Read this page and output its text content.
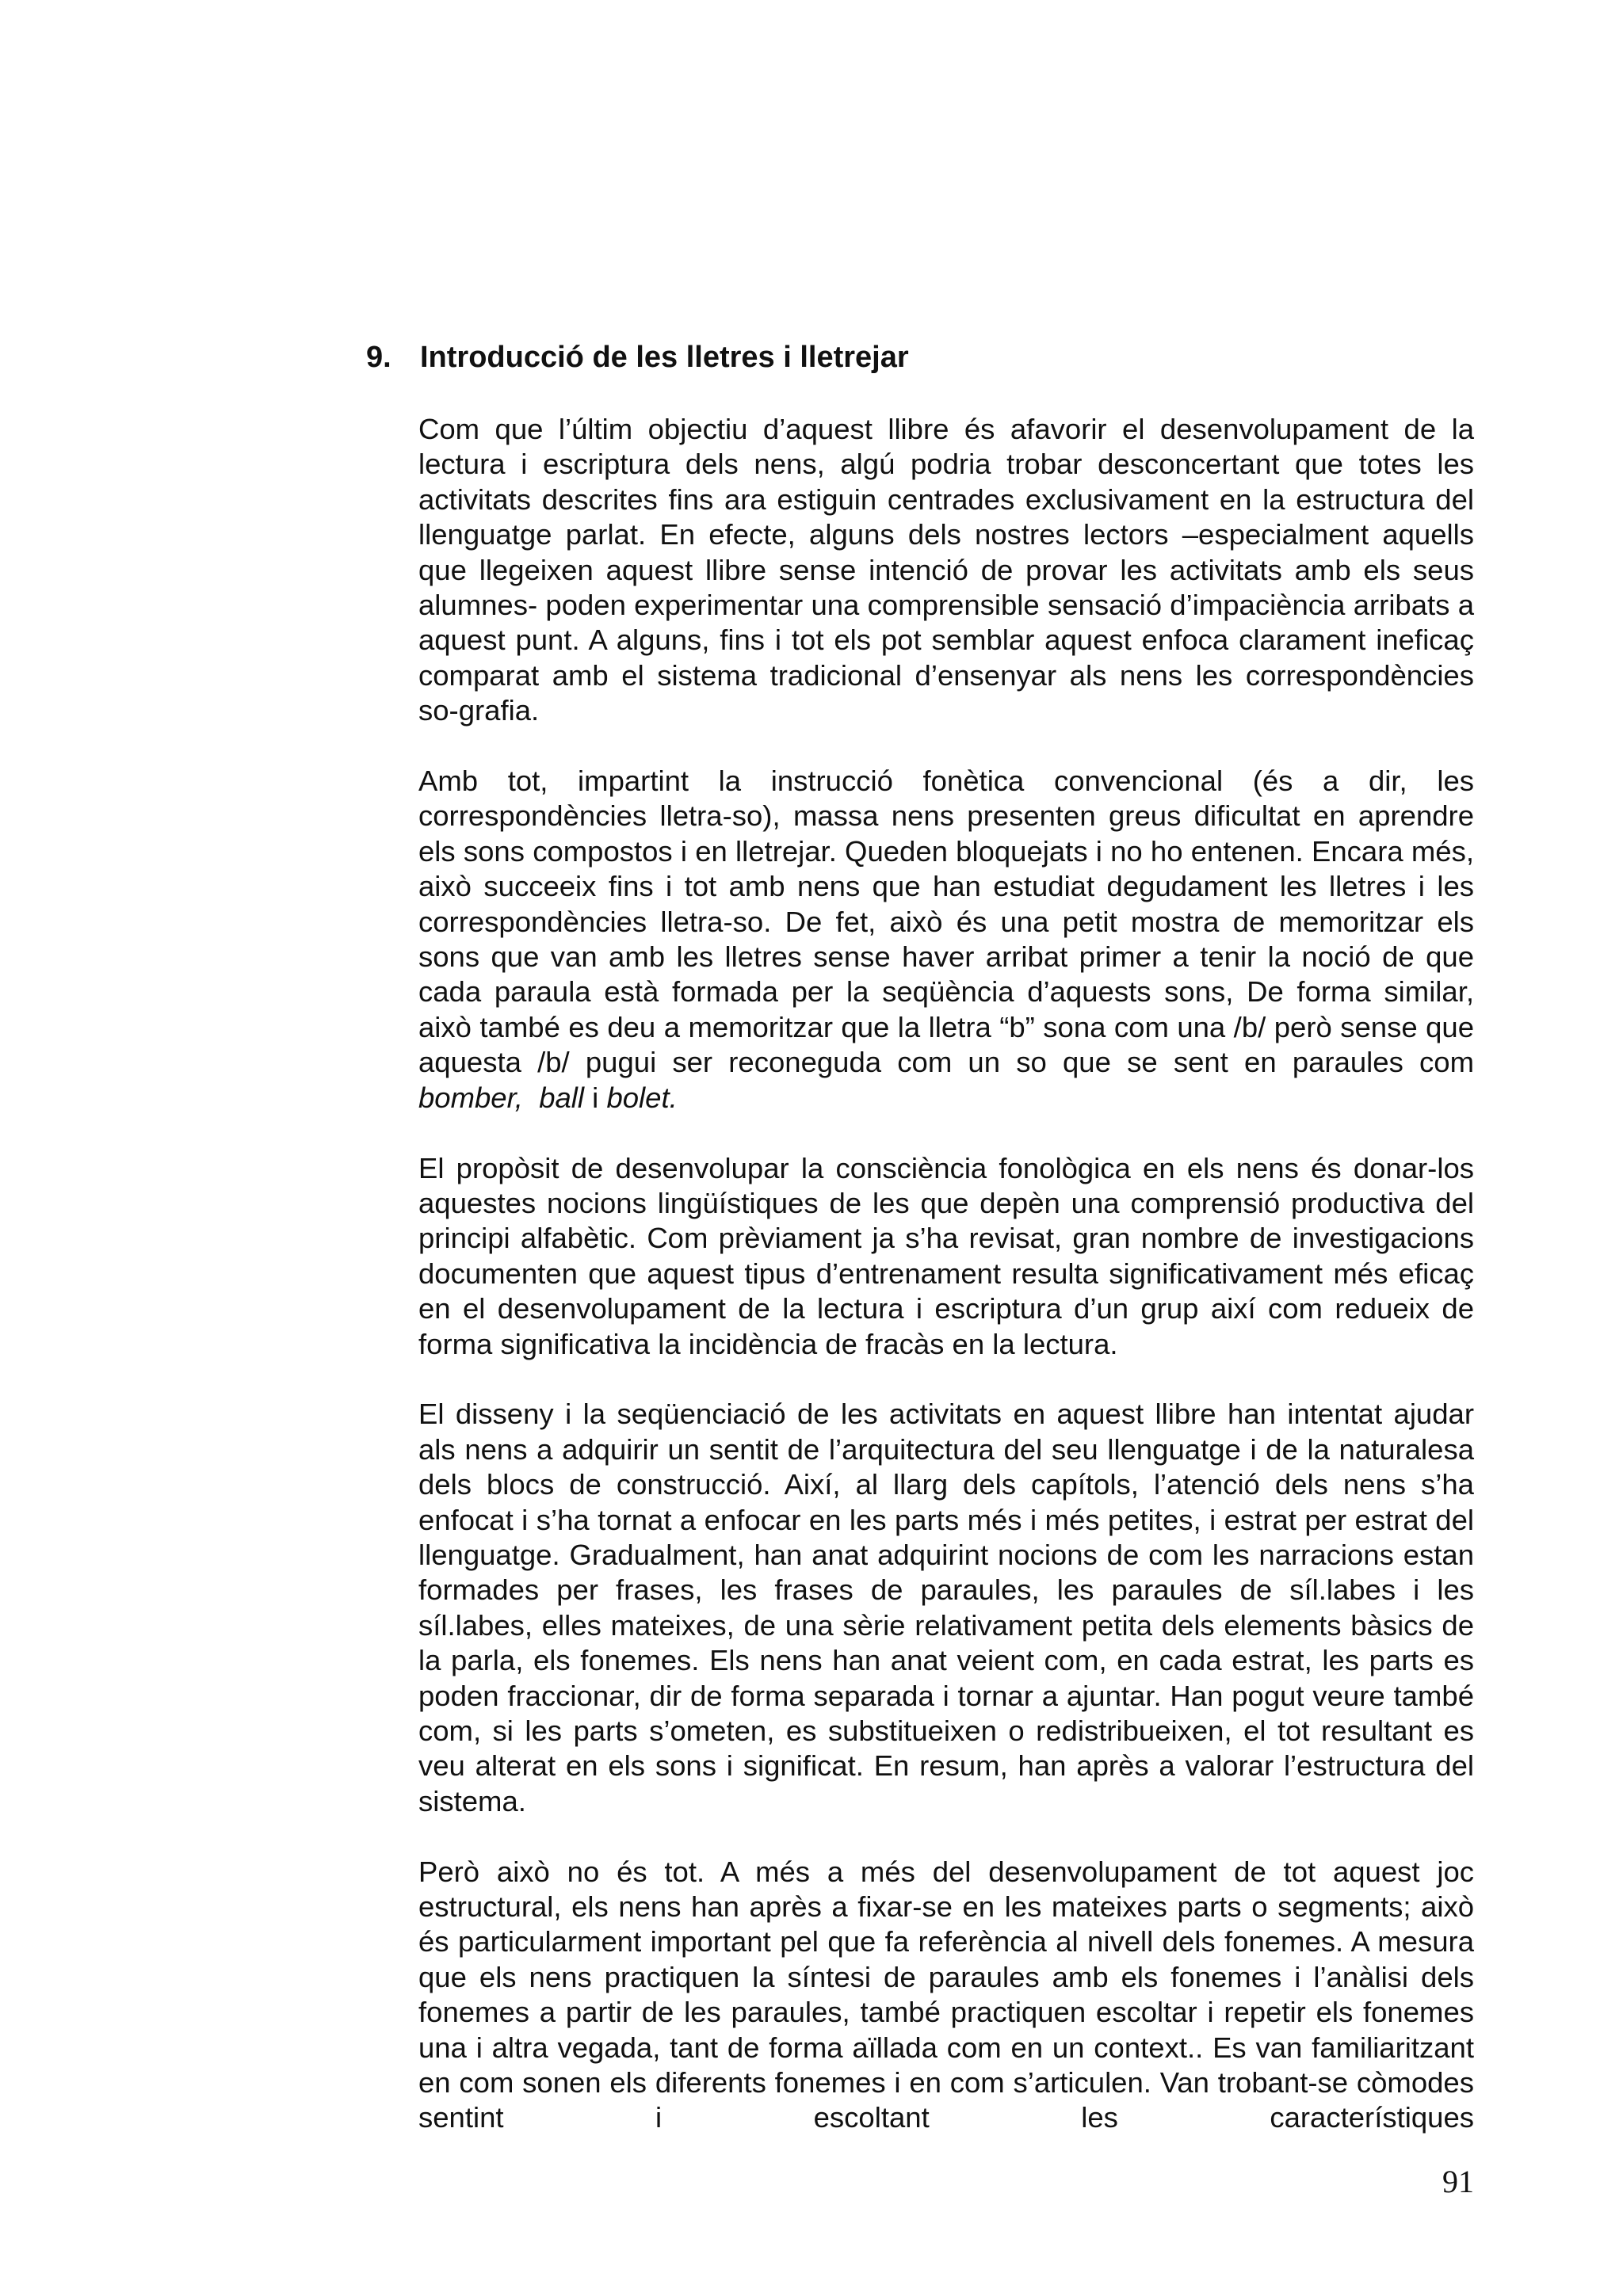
9. Introducció de les lletres i lletrejar

Com que l’últim objectiu d’aquest llibre és afavorir el desenvolupament de la lectura i escriptura dels nens, algú podria trobar desconcertant que totes les activitats descrites fins ara estiguin centrades exclusivament en la estructura del llenguatge parlat. En efecte, alguns dels nostres lectors –especialment aquells que llegeixen aquest llibre sense intenció de provar les activitats amb els seus alumnes- poden experimentar una comprensible sensació d’impaciència arribats a aquest punt. A alguns, fins i tot els pot semblar aquest enfoca clarament ineficaç comparat amb el sistema tradicional d’ensenyar als nens les correspondències so-grafia.

Amb tot, impartint la instrucció fonètica convencional (és a dir, les correspondències lletra-so), massa nens presenten greus dificultat en aprendre els sons compostos i en lletrejar. Queden bloquejats i no ho entenen. Encara més, això succeeix fins i tot amb nens que han estudiat degudament les lletres i les correspondències lletra-so. De fet, això és una petit mostra de memoritzar els sons que van amb les lletres sense haver arribat primer a tenir la noció de que cada paraula està formada per la seqüència d’aquests sons, De forma similar, això també es deu a memoritzar que la lletra “b” sona com una /b/ però sense que aquesta /b/ pugui ser reconeguda com un so que se sent en paraules com bomber, ball i bolet.

El propòsit de desenvolupar la consciència fonològica en els nens és donar-los aquestes nocions lingüístiques de les que depèn una comprensió productiva del principi alfabètic. Com prèviament ja s’ha revisat, gran nombre de investigacions documenten que aquest tipus d’entrenament resulta significativament més eficaç en el desenvolupament de la lectura i escriptura d’un grup així com redueix de forma significativa la incidència de fracàs en la lectura.

El disseny i la seqüenciació de les activitats en aquest llibre han intentat ajudar als nens a adquirir un sentit de l’arquitectura del seu llenguatge i de la naturalesa dels blocs de construcció. Així, al llarg dels capítols, l’atenció dels nens s’ha enfocat i s’ha tornat a enfocar en les parts més i més petites, i estrat per estrat del llenguatge. Gradualment, han anat adquirint nocions de com les narracions estan formades per frases, les frases de paraules, les paraules de síl.labes i les síl.labes, elles mateixes, de una sèrie relativament petita dels elements bàsics de la parla, els fonemes. Els nens han anat veient com, en cada estrat, les parts es poden fraccionar, dir de forma separada i tornar a ajuntar. Han pogut veure també com, si les parts s’ometen, es substitueixen o redistribueixen, el tot resultant es veu alterat en els sons i significat. En resum, han après a valorar l’estructura del sistema.

Però això no és tot. A més a més del desenvolupament de tot aquest joc estructural, els nens han après a fixar-se en les mateixes parts o segments; això és particularment important pel que fa referència al nivell dels fonemes. A mesura que els nens practiquen la síntesi de paraules amb els fonemes i l’anàlisi dels fonemes a partir de les paraules, també practiquen escoltar i repetir els fonemes una i altra vegada, tant de forma aïllada com en un context.. Es van familiaritzant en com sonen els diferents fonemes i en com s’articulen. Van trobant-se còmodes sentint i escoltant les característiques

91
